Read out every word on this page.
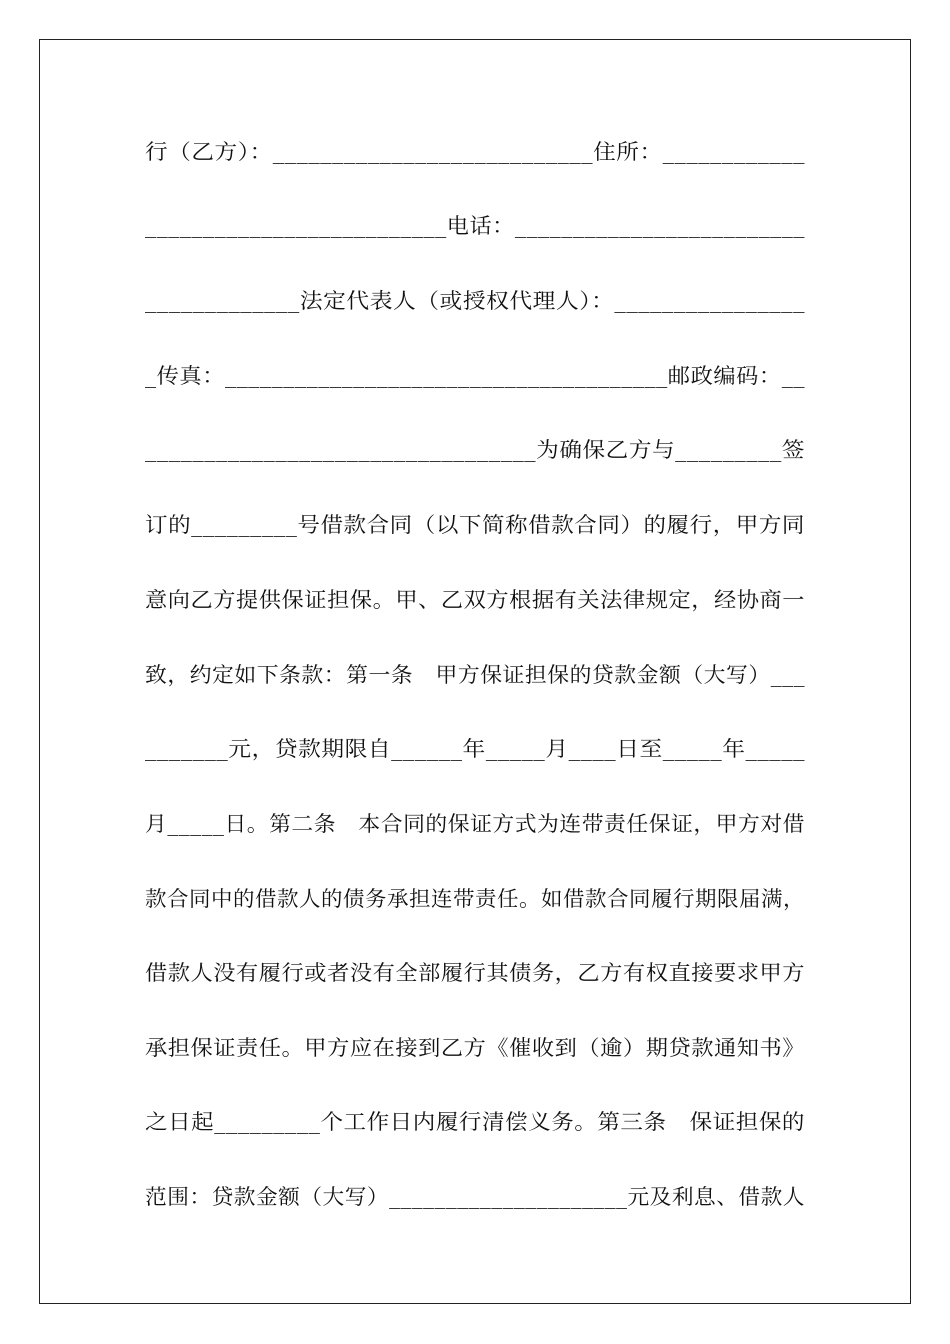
行（乙方）：___________________________住所：____________
__________________________电话：_________________________
_____________法定代表人（或授权代理人）：________________
_传真：______________________________________邮政编码：__
_________________________________为确保乙方与_________签
订的_________号借款合同（以下简称借款合同）的履行，甲方同
意向乙方提供保证担保。甲、乙双方根据有关法律规定，经协商一
致，约定如下条款：第一条　甲方保证担保的贷款金额（大写）___
_______元，贷款期限自______年_____月____日至_____年_____
月_____日。第二条　本合同的保证方式为连带责任保证，甲方对借
款合同中的借款人的债务承担连带责任。如借款合同履行期限届满，
借款人没有履行或者没有全部履行其债务，乙方有权直接要求甲方
承担保证责任。甲方应在接到乙方《催收到（逾）期贷款通知书》
之日起_________个工作日内履行清偿义务。第三条　保证担保的
范围：贷款金额（大写）_____________________元及利息、借款人
